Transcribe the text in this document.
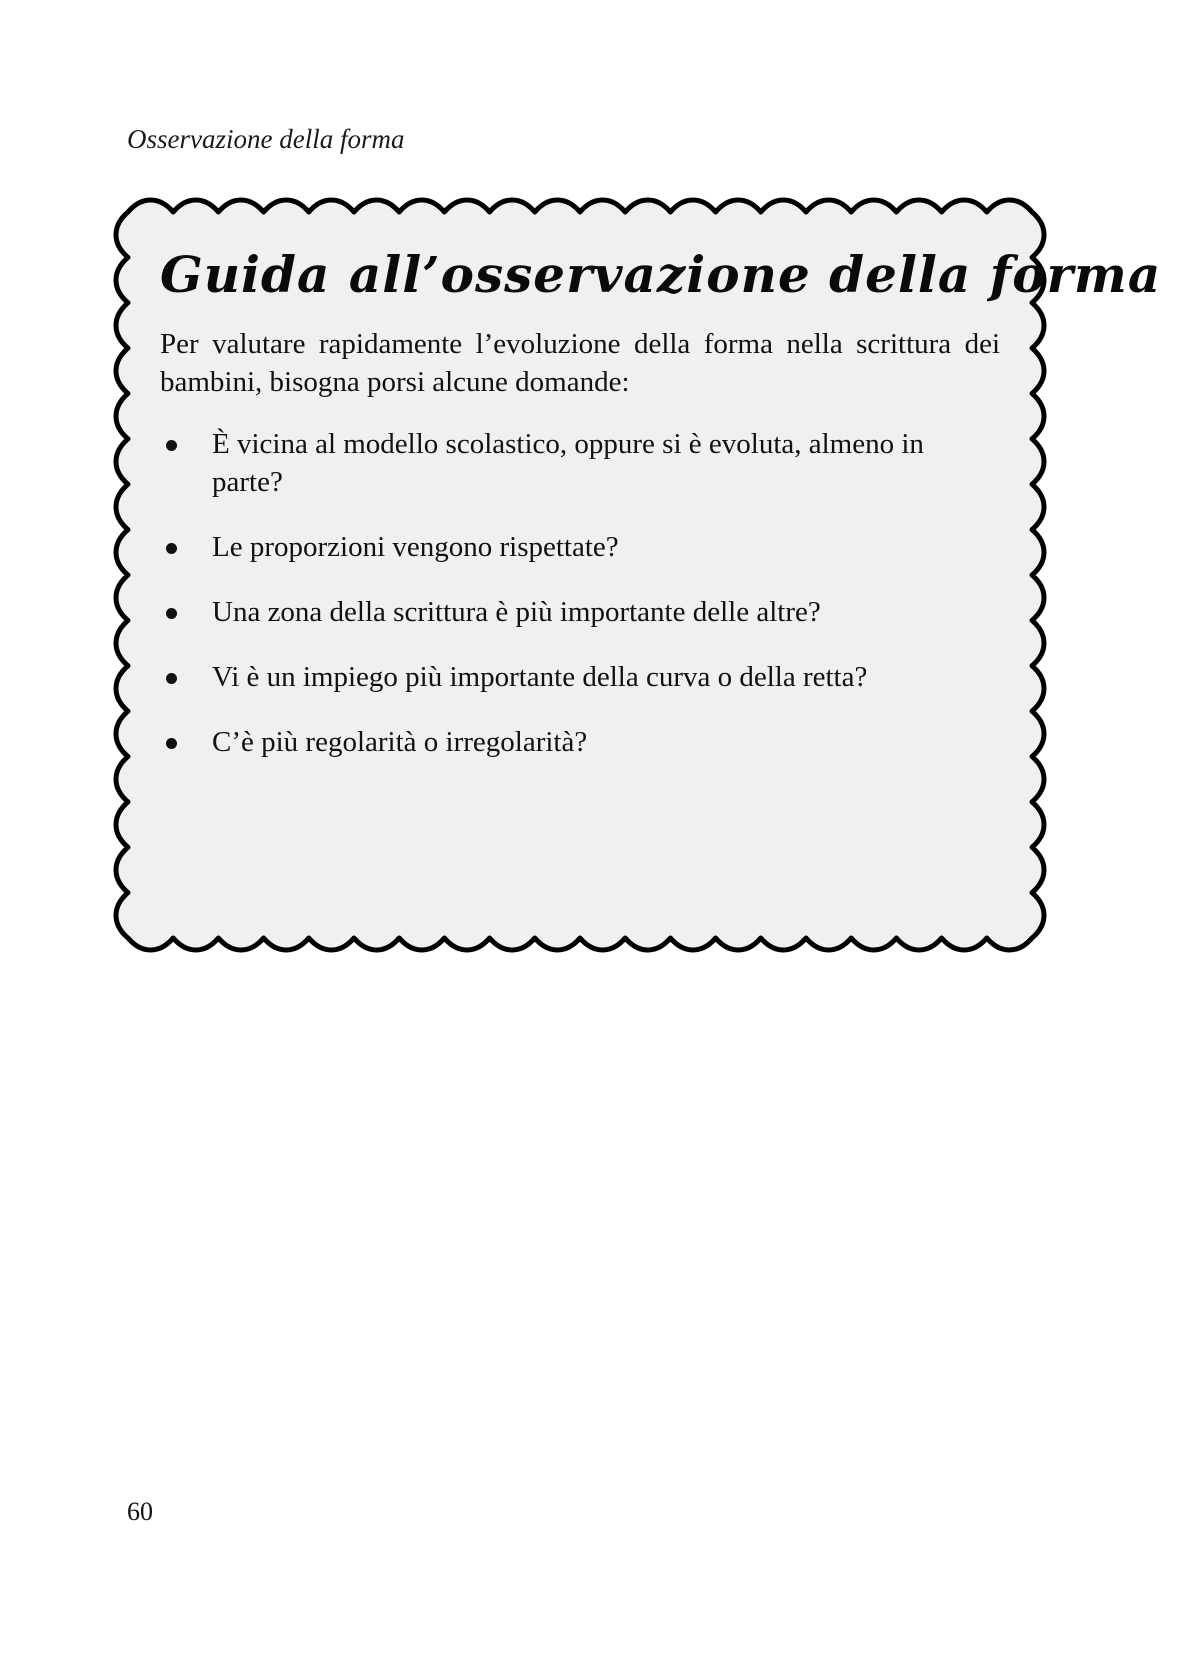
Osservazione della forma
Guida all’osservazione della forma

Per valutare rapidamente l’evoluzione della forma nella scrittura dei bambini, bisogna porsi alcune domande:

È vicina al modello scolastico, oppure si è evoluta, almeno in parte?
Le proporzioni vengono rispettate?
Una zona della scrittura è più importante delle altre?
Vi è un impiego più importante della curva o della retta?
C’è più regolarità o irregolarità?
60
